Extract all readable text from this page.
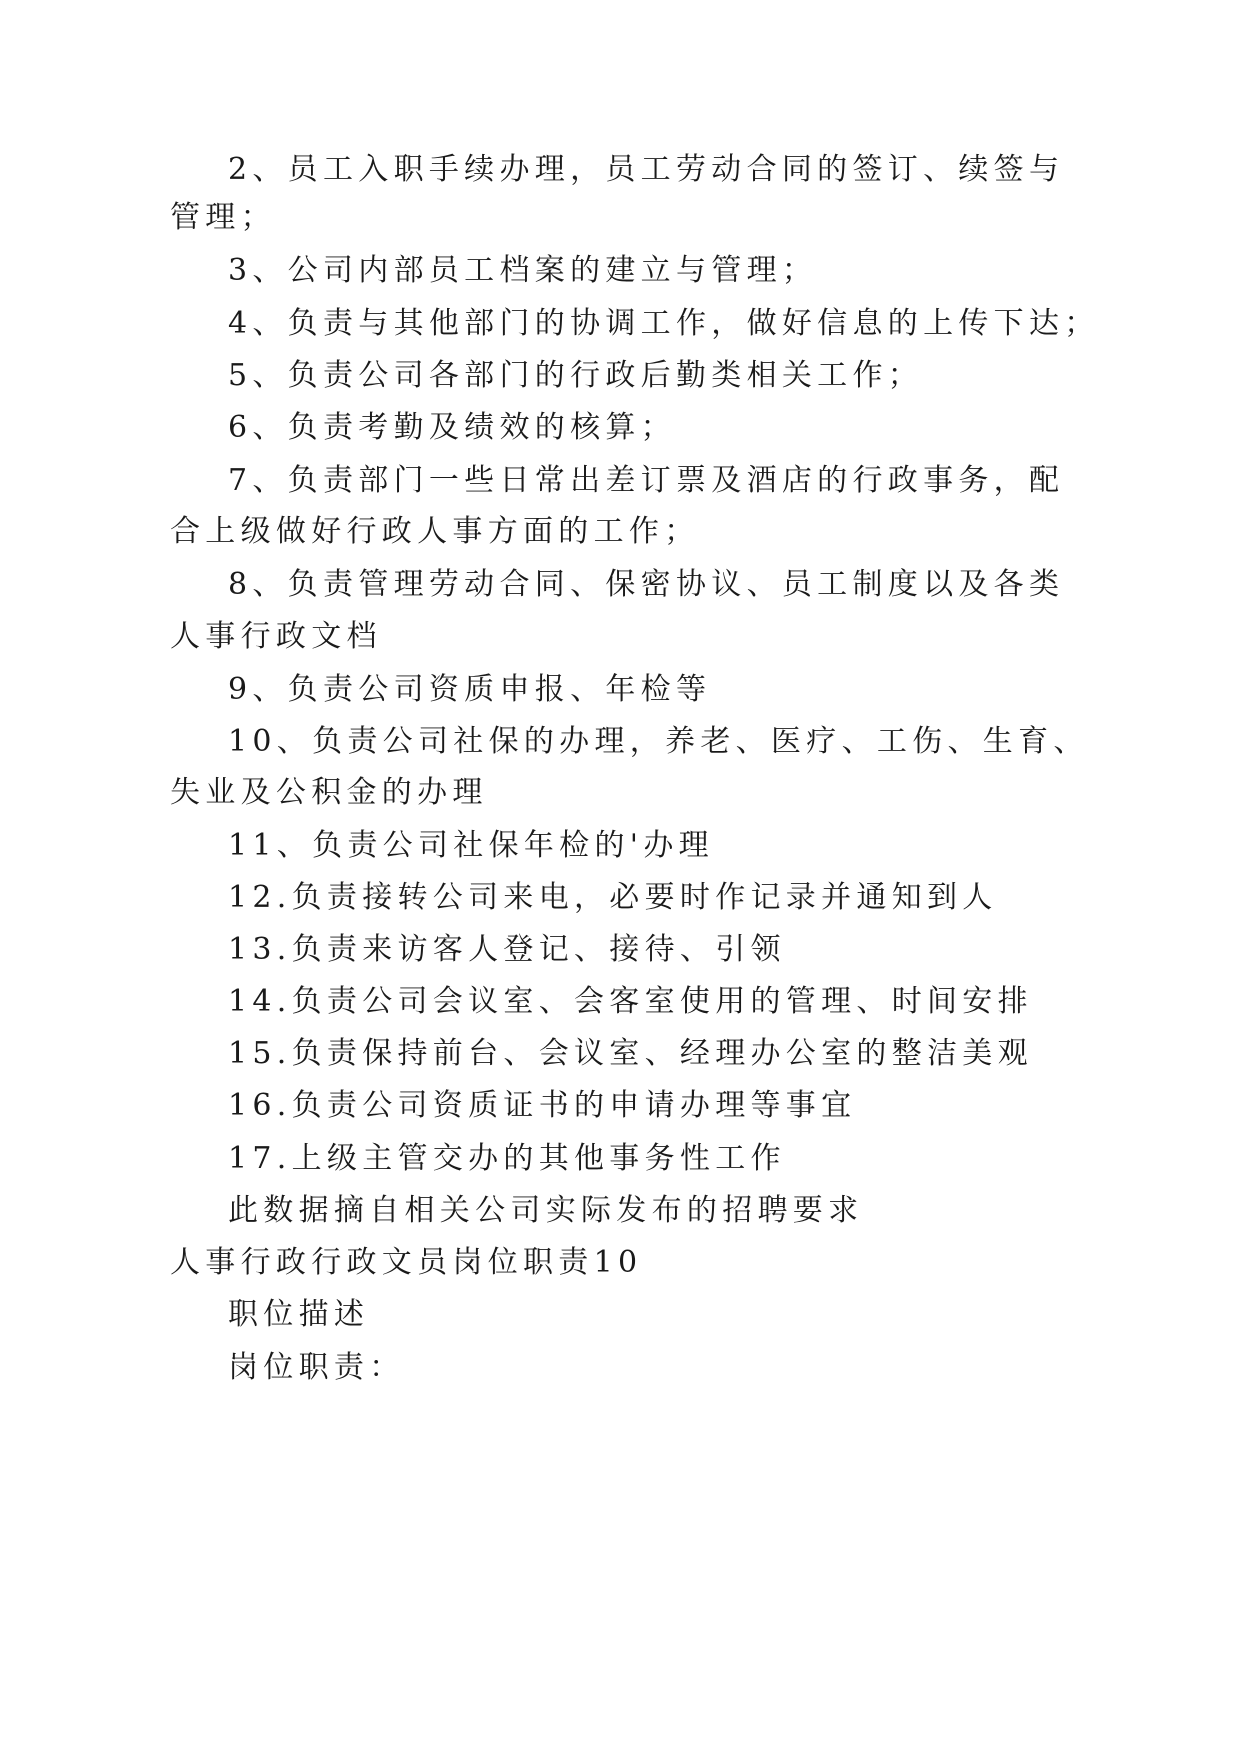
2、员工入职手续办理，员工劳动合同的签订、续签与
管理；
3、公司内部员工档案的建立与管理；
4、负责与其他部门的协调工作，做好信息的上传下达；
5、负责公司各部门的行政后勤类相关工作；
6、负责考勤及绩效的核算；
7、负责部门一些日常出差订票及酒店的行政事务，配
合上级做好行政人事方面的工作；
8、负责管理劳动合同、保密协议、员工制度以及各类
人事行政文档
9、负责公司资质申报、年检等
10、负责公司社保的办理，养老、医疗、工伤、生育、
失业及公积金的办理
11、负责公司社保年检的'办理
12.负责接转公司来电，必要时作记录并通知到人
13.负责来访客人登记、接待、引领
14.负责公司会议室、会客室使用的管理、时间安排
15.负责保持前台、会议室、经理办公室的整洁美观
16.负责公司资质证书的申请办理等事宜
17.上级主管交办的其他事务性工作
此数据摘自相关公司实际发布的招聘要求
人事行政行政文员岗位职责10
职位描述
岗位职责：
